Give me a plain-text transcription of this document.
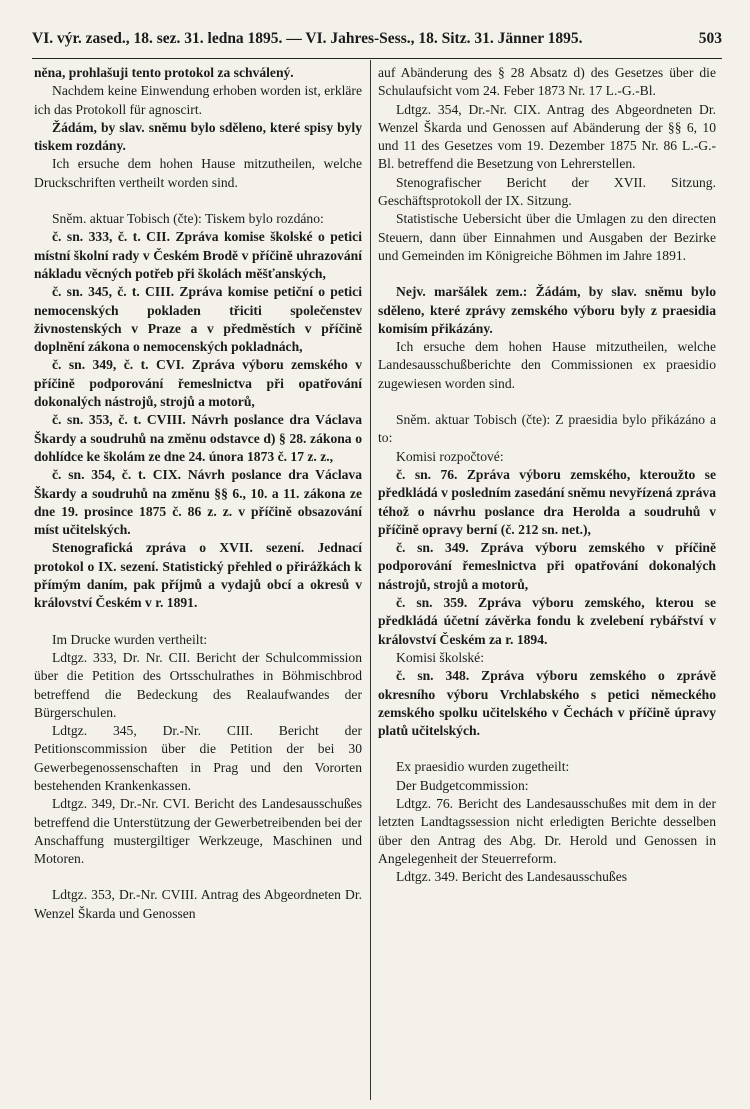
VI. výr. zased., 18. sez. 31. ledna 1895. — VI. Jahres-Sess., 18. Sitz. 31. Jänner 1895.	503

něna, prohlašuji tento protokol za schválený.

Nachdem keine Einwendung erhoben worden ist, erkläre ich das Protokoll für agnoscirt.

Žádám, by slav. sněmu bylo sděleno, které spisy byly tiskem rozdány.

Ich ersuche dem hohen Hause mitzutheilen, welche Druckschriften vertheilt worden sind.

Sněm. aktuar Tobisch (čte): Tiskem bylo rozdáno:

č. sn. 333, č. t. CII. Zpráva komise školské o petici místní školní rady v Českém Brodě v příčině uhrazování nákladu věcných potřeb při školách měšťanských,

č. sn. 345, č. t. CIII. Zpráva komise petiční o petici nemocenských pokladen třiciti společenstev živnostenských v Praze a v předměstích v příčině doplnění zákona o nemocenských pokladnách,

č. sn. 349, č. t. CVI. Zpráva výboru zemského v příčině podporování řemeslnictva při opatřování dokonalých nástrojů, strojů a motorů,

č. sn. 353, č. t. CVIII. Návrh poslance dra Václava Škardy a soudruhů na změnu odstavce d) § 28. zákona o dohlídce ke školám ze dne 24. února 1873 č. 17 z. z.,

č. sn. 354, č. t. CIX. Návrh poslance dra Václava Škardy a soudruhů na změnu §§ 6., 10. a 11. zákona ze dne 19. prosince 1875 č. 86 z. z. v příčině obsazování míst učitelských.

Stenografická zpráva o XVII. sezení. Jednací protokol o IX. sezení. Statistický přehled o přirážkách k přímým daním, pak příjmů a vydajů obcí a okresů v království Českém v r. 1891.

Im Drucke wurden vertheilt:

Ldtgz. 333, Dr. Nr. CII. Bericht der Schulcommission über die Petition des Ortsschulrathes in Böhmischbrod betreffend die Bedeckung des Realaufwandes der Bürgerschulen.

Ldtgz. 345, Dr.-Nr. CIII. Bericht der Petitionscommission über die Petition der bei 30 Gewerbegenossenschaften in Prag und den Vororten bestehenden Krankenkassen.

Ldtgz. 349, Dr.-Nr. CVI. Bericht des Landesausschußes betreffend die Unterstützung der Gewerbetreibenden bei der Anschaffung mustergiltiger Werkzeuge, Maschinen und Motoren.

Ldtgz. 353, Dr.-Nr. CVIII. Antrag des Abgeordneten Dr. Wenzel Škarda und Genossen

auf Abänderung des § 28 Absatz d) des Gesetzes über die Schulaufsicht vom 24. Feber 1873 Nr. 17 L.-G.-Bl.

Ldtgz. 354, Dr.-Nr. CIX. Antrag des Abgeordneten Dr. Wenzel Škarda und Genossen auf Abänderung der §§ 6, 10 und 11 des Gesetzes vom 19. Dezember 1875 Nr. 86 L.-G.-Bl. betreffend die Besetzung von Lehrerstellen.

Stenografischer Bericht der XVII. Sitzung. Geschäftsprotokoll der IX. Sitzung.

Statistische Uebersicht über die Umlagen zu den directen Steuern, dann über Einnahmen und Ausgaben der Bezirke und Gemeinden im Königreiche Böhmen im Jahre 1891.

Nejv. maršálek zem.: Žádám, by slav. sněmu bylo sděleno, které zprávy zemského výboru byly z praesidia komisím přikázány.

Ich ersuche dem hohen Hause mitzutheilen, welche Landesausschußberichte den Commissionen ex praesidio zugewiesen worden sind.

Sněm. aktuar Tobisch (čte): Z praesidia bylo přikázáno a to:

Komisi rozpočtové:

č. sn. 76. Zpráva výboru zemského, kteroužto se předkládá v posledním zasedání sněmu nevyřízená zpráva téhož o návrhu poslance dra Herolda a soudruhů v příčině opravy berní (č. 212 sn. net.),

č. sn. 349. Zpráva výboru zemského v příčině podporování řemeslnictva při opatřování dokonalých nástrojů, strojů a motorů,

č. sn. 359. Zpráva výboru zemského, kterou se předkládá účetní závěrka fondu k zvelebení rybářství v království Českém za r. 1894.

Komisi školské:

č. sn. 348. Zpráva výboru zemského o zprávě okresního výboru Vrchlabského s petici německého zemského spolku učitelského v Čechách v příčině úpravy platů učitelských.

Ex praesidio wurden zugetheilt:

Der Budgetcommission:

Ldtgz. 76. Bericht des Landesausschußes mit dem in der letzten Landtagssession nicht erledigten Berichte desselben über den Antrag des Abg. Dr. Herold und Genossen in Angelegenheit der Steuerreform.

Ldtgz. 349. Bericht des Landesausschußes
